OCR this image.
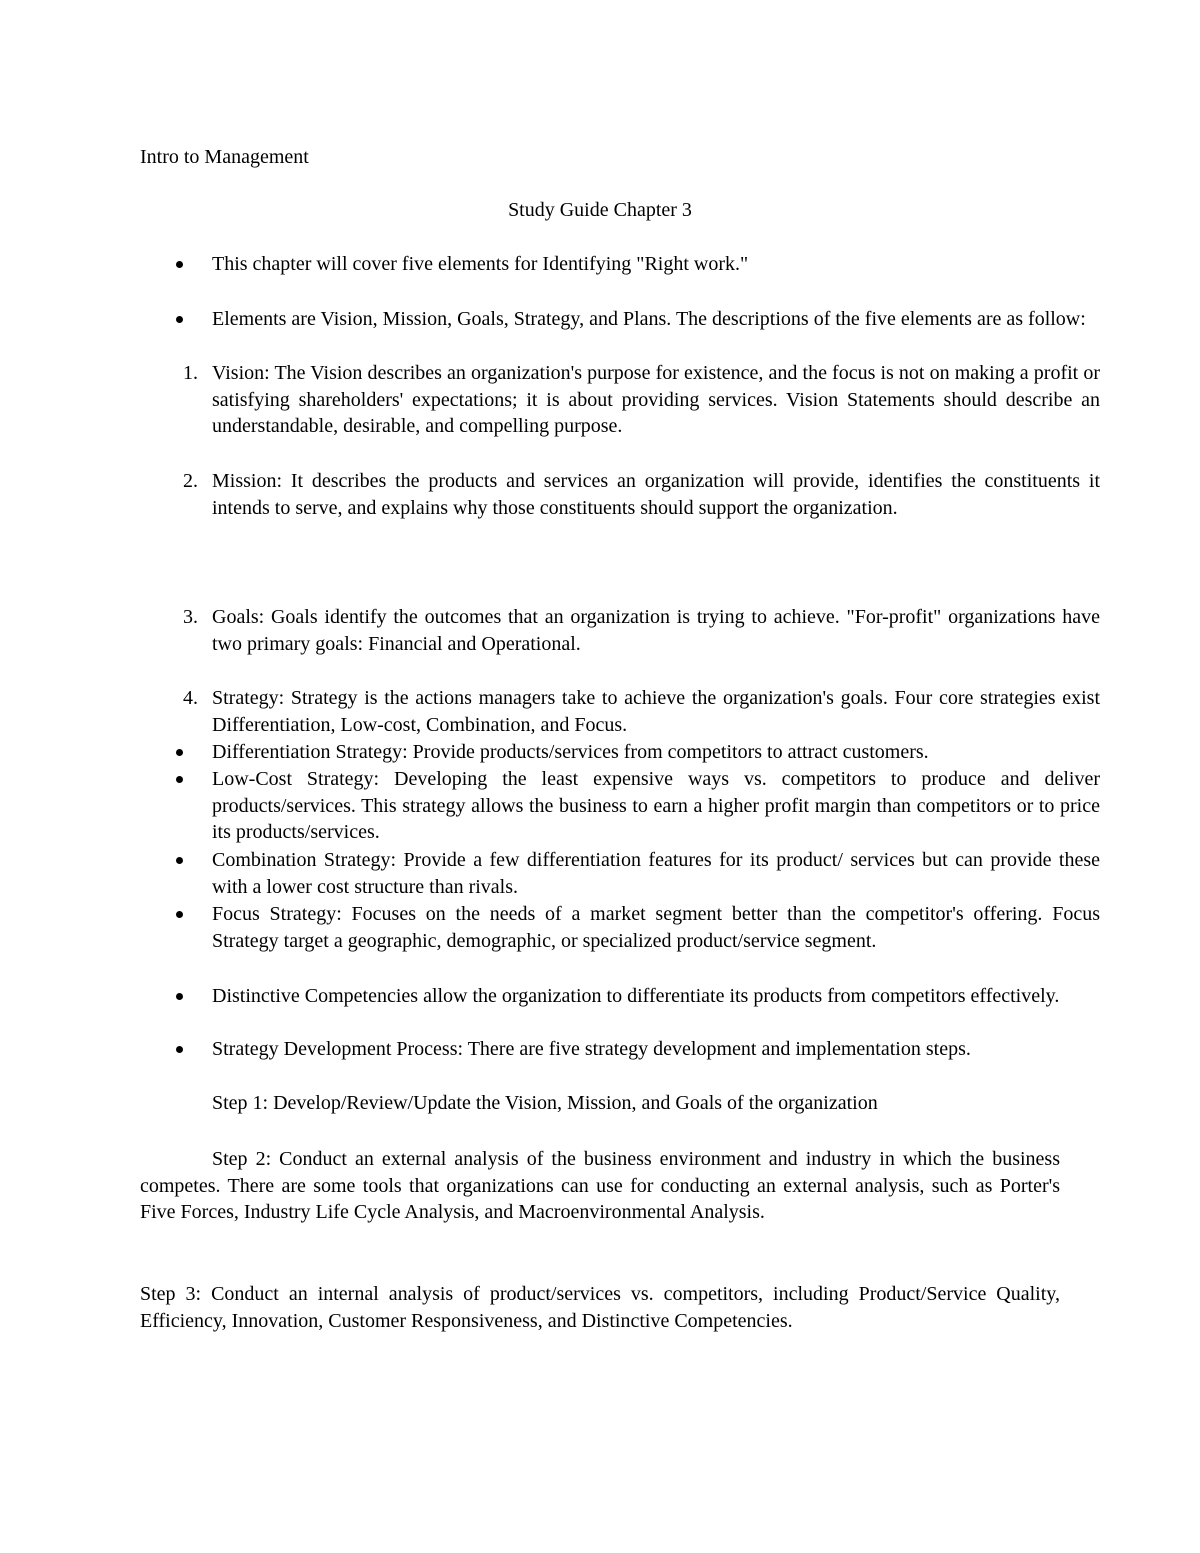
Intro to Management
Study Guide Chapter 3
This chapter will cover five elements for Identifying "Right work."
Elements are Vision, Mission, Goals, Strategy, and Plans. The descriptions of the five elements are as follow:
1. Vision: The Vision describes an organization's purpose for existence, and the focus is not on making a profit or satisfying shareholders' expectations; it is about providing services. Vision Statements should describe an understandable, desirable, and compelling purpose.
2. Mission: It describes the products and services an organization will provide, identifies the constituents it intends to serve, and explains why those constituents should support the organization.
3. Goals: Goals identify the outcomes that an organization is trying to achieve. "For-profit" organizations have two primary goals: Financial and Operational.
4. Strategy: Strategy is the actions managers take to achieve the organization's goals. Four core strategies exist Differentiation, Low-cost, Combination, and Focus.
Differentiation Strategy: Provide products/services from competitors to attract customers.
Low-Cost Strategy: Developing the least expensive ways vs. competitors to produce and deliver products/services. This strategy allows the business to earn a higher profit margin than competitors or to price its products/services.
Combination Strategy: Provide a few differentiation features for its product/ services but can provide these with a lower cost structure than rivals.
Focus Strategy: Focuses on the needs of a market segment better than the competitor's offering. Focus Strategy target a geographic, demographic, or specialized product/service segment.
Distinctive Competencies allow the organization to differentiate its products from competitors effectively.
Strategy Development Process: There are five strategy development and implementation steps.
Step 1: Develop/Review/Update the Vision, Mission, and Goals of the organization
Step 2: Conduct an external analysis of the business environment and industry in which the business competes. There are some tools that organizations can use for conducting an external analysis, such as Porter's Five Forces, Industry Life Cycle Analysis, and Macroenvironmental Analysis.
Step 3: Conduct an internal analysis of product/services vs. competitors, including Product/Service Quality, Efficiency, Innovation, Customer Responsiveness, and Distinctive Competencies.
